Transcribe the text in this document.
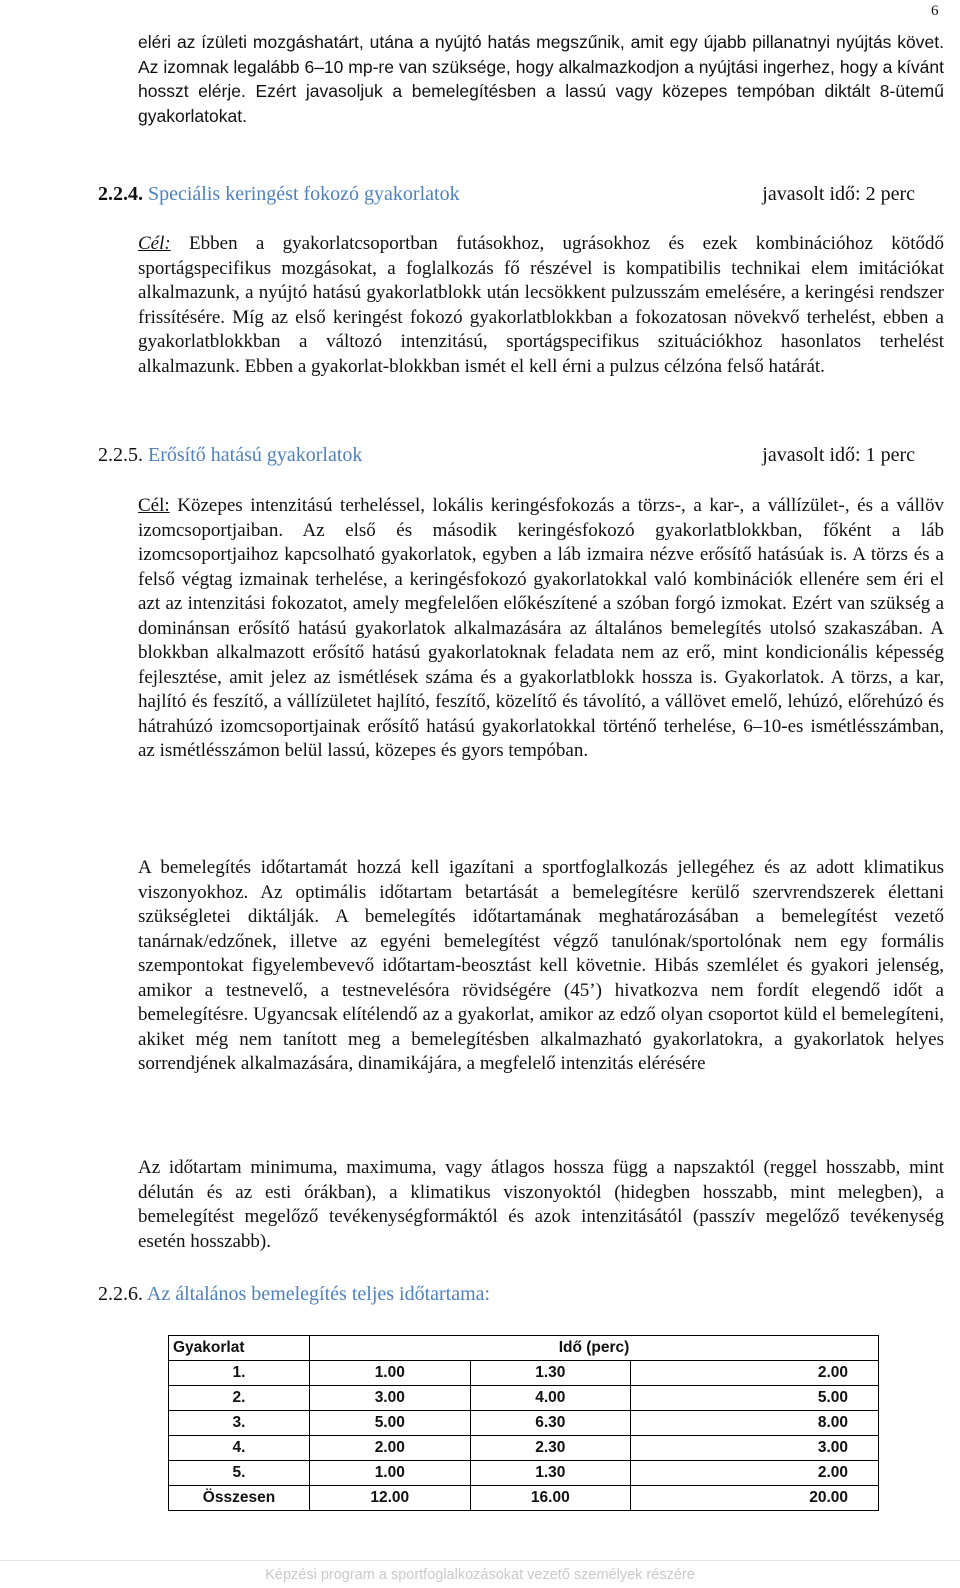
6
eléri az ízületi mozgáshatárt, utána a nyújtó hatás megszűnik, amit egy újabb pillanatnyi nyújtás követ. Az izomnak legalább 6–10 mp-re van szüksége, hogy alkalmazkodjon a nyújtási ingerhez, hogy a kívánt hosszt elérje. Ezért javasoljuk a bemelegítésben a lassú vagy közepes tempóban diktált 8-ütemű gyakorlatokat.
2.2.4. Speciális keringést fokozó gyakorlatok	javasolt idő: 2 perc
Cél: Ebben a gyakorlatcsoportban futásokhoz, ugrásokhoz és ezek kombinációhoz kötődő sportágspecifikus mozgásokat, a foglalkozás fő részével is kompatibilis technikai elem imitációkat alkalmazunk, a nyújtó hatású gyakorlatblokk után lecsökkent pulzusszám emelésére, a keringési rendszer frissítésére. Míg az első keringést fokozó gyakorlatblokkban a fokozatosan növekvő terhelést, ebben a gyakorlatblokkban a változó intenzitású, sportágspecifikus szituációkhoz hasonlatos terhelést alkalmazunk. Ebben a gyakorlat-blokkban ismét el kell érni a pulzus célzóna felső határát.
2.2.5. Erősítő hatású gyakorlatok	javasolt idő: 1 perc
Cél: Közepes intenzitású terheléssel, lokális keringésfokozás a törzs-, a kar-, a vállízület-, és a vállöv izomcsoportjaiban. Az első és második keringésfokozó gyakorlatblokkban, főként a láb izomcsoportjaihoz kapcsolható gyakorlatok, egyben a láb izmaira nézve erősítő hatásúak is. A törzs és a felső végtag izmainak terhelése, a keringésfokozó gyakorlatokkal való kombinációk ellenére sem éri el azt az intenzitási fokozatot, amely megfelelően előkészítené a szóban forgó izmokat. Ezért van szükség a dominánsan erősítő hatású gyakorlatok alkalmazására az általános bemelegítés utolsó szakaszában. A blokkban alkalmazott erősítő hatású gyakorlatoknak feladata nem az erő, mint kondicionális képesség fejlesztése, amit jelez az ismétlések száma és a gyakorlatblokk hossza is. Gyakorlatok. A törzs, a kar, hajlító és feszítő, a vállízületet hajlító, feszítő, közelítő és távolító, a vállövet emelő, lehúzó, előrehúzó és hátrahúzó izomcsoportjainak erősítő hatású gyakorlatokkal történő terhelése, 6–10-es ismétlésszámban, az ismétlésszámon belül lassú, közepes és gyors tempóban.
A bemelegítés időtartamát hozzá kell igazítani a sportfoglalkozás jellegéhez és az adott klimatikus viszonyokhoz. Az optimális időtartam betartását a bemelegítésre kerülő szervrendszerek élettani szükségletei diktálják. A bemelegítés időtartamának meghatározásában a bemelegítést vezető tanárnak/edzőnek, illetve az egyéni bemelegítést végző tanulónak/sportolónak nem egy formális szempontokat figyelembevevő időtartam-beosztást kell követnie. Hibás szemlélet és gyakori jelenség, amikor a testnevelő, a testnevelésóra rövidségére (45’) hivatkozva nem fordít elegendő időt a bemelegítésre. Ugyancsak elítélendő az a gyakorlat, amikor az edző olyan csoportot küld el bemelegíteni, akiket még nem tanított meg a bemelegítésben alkalmazható gyakorlatokra, a gyakorlatok helyes sorrendjének alkalmazására, dinamikájára, a megfelelő intenzitás elérésére
Az időtartam minimuma, maximuma, vagy átlagos hossza függ a napszaktól (reggel hosszabb, mint délután és az esti órákban), a klimatikus viszonyoktól (hidegben hosszabb, mint melegben), a bemelegítést megelőző tevékenységformáktól és azok intenzitásától (passzív megelőző tevékenység esetén hosszabb).
2.2.6. Az általános bemelegítés teljes időtartama:
Gyakorlat	Idő (perc)		
1.	1.00	1.30	2.00
2.	3.00	4.00	5.00
3.	5.00	6.30	8.00
4.	2.00	2.30	3.00
5.	1.00	1.30	2.00
Összesen	12.00	16.00	20.00
Képzési program a sportfoglalkozásokat vezető személyek részére
